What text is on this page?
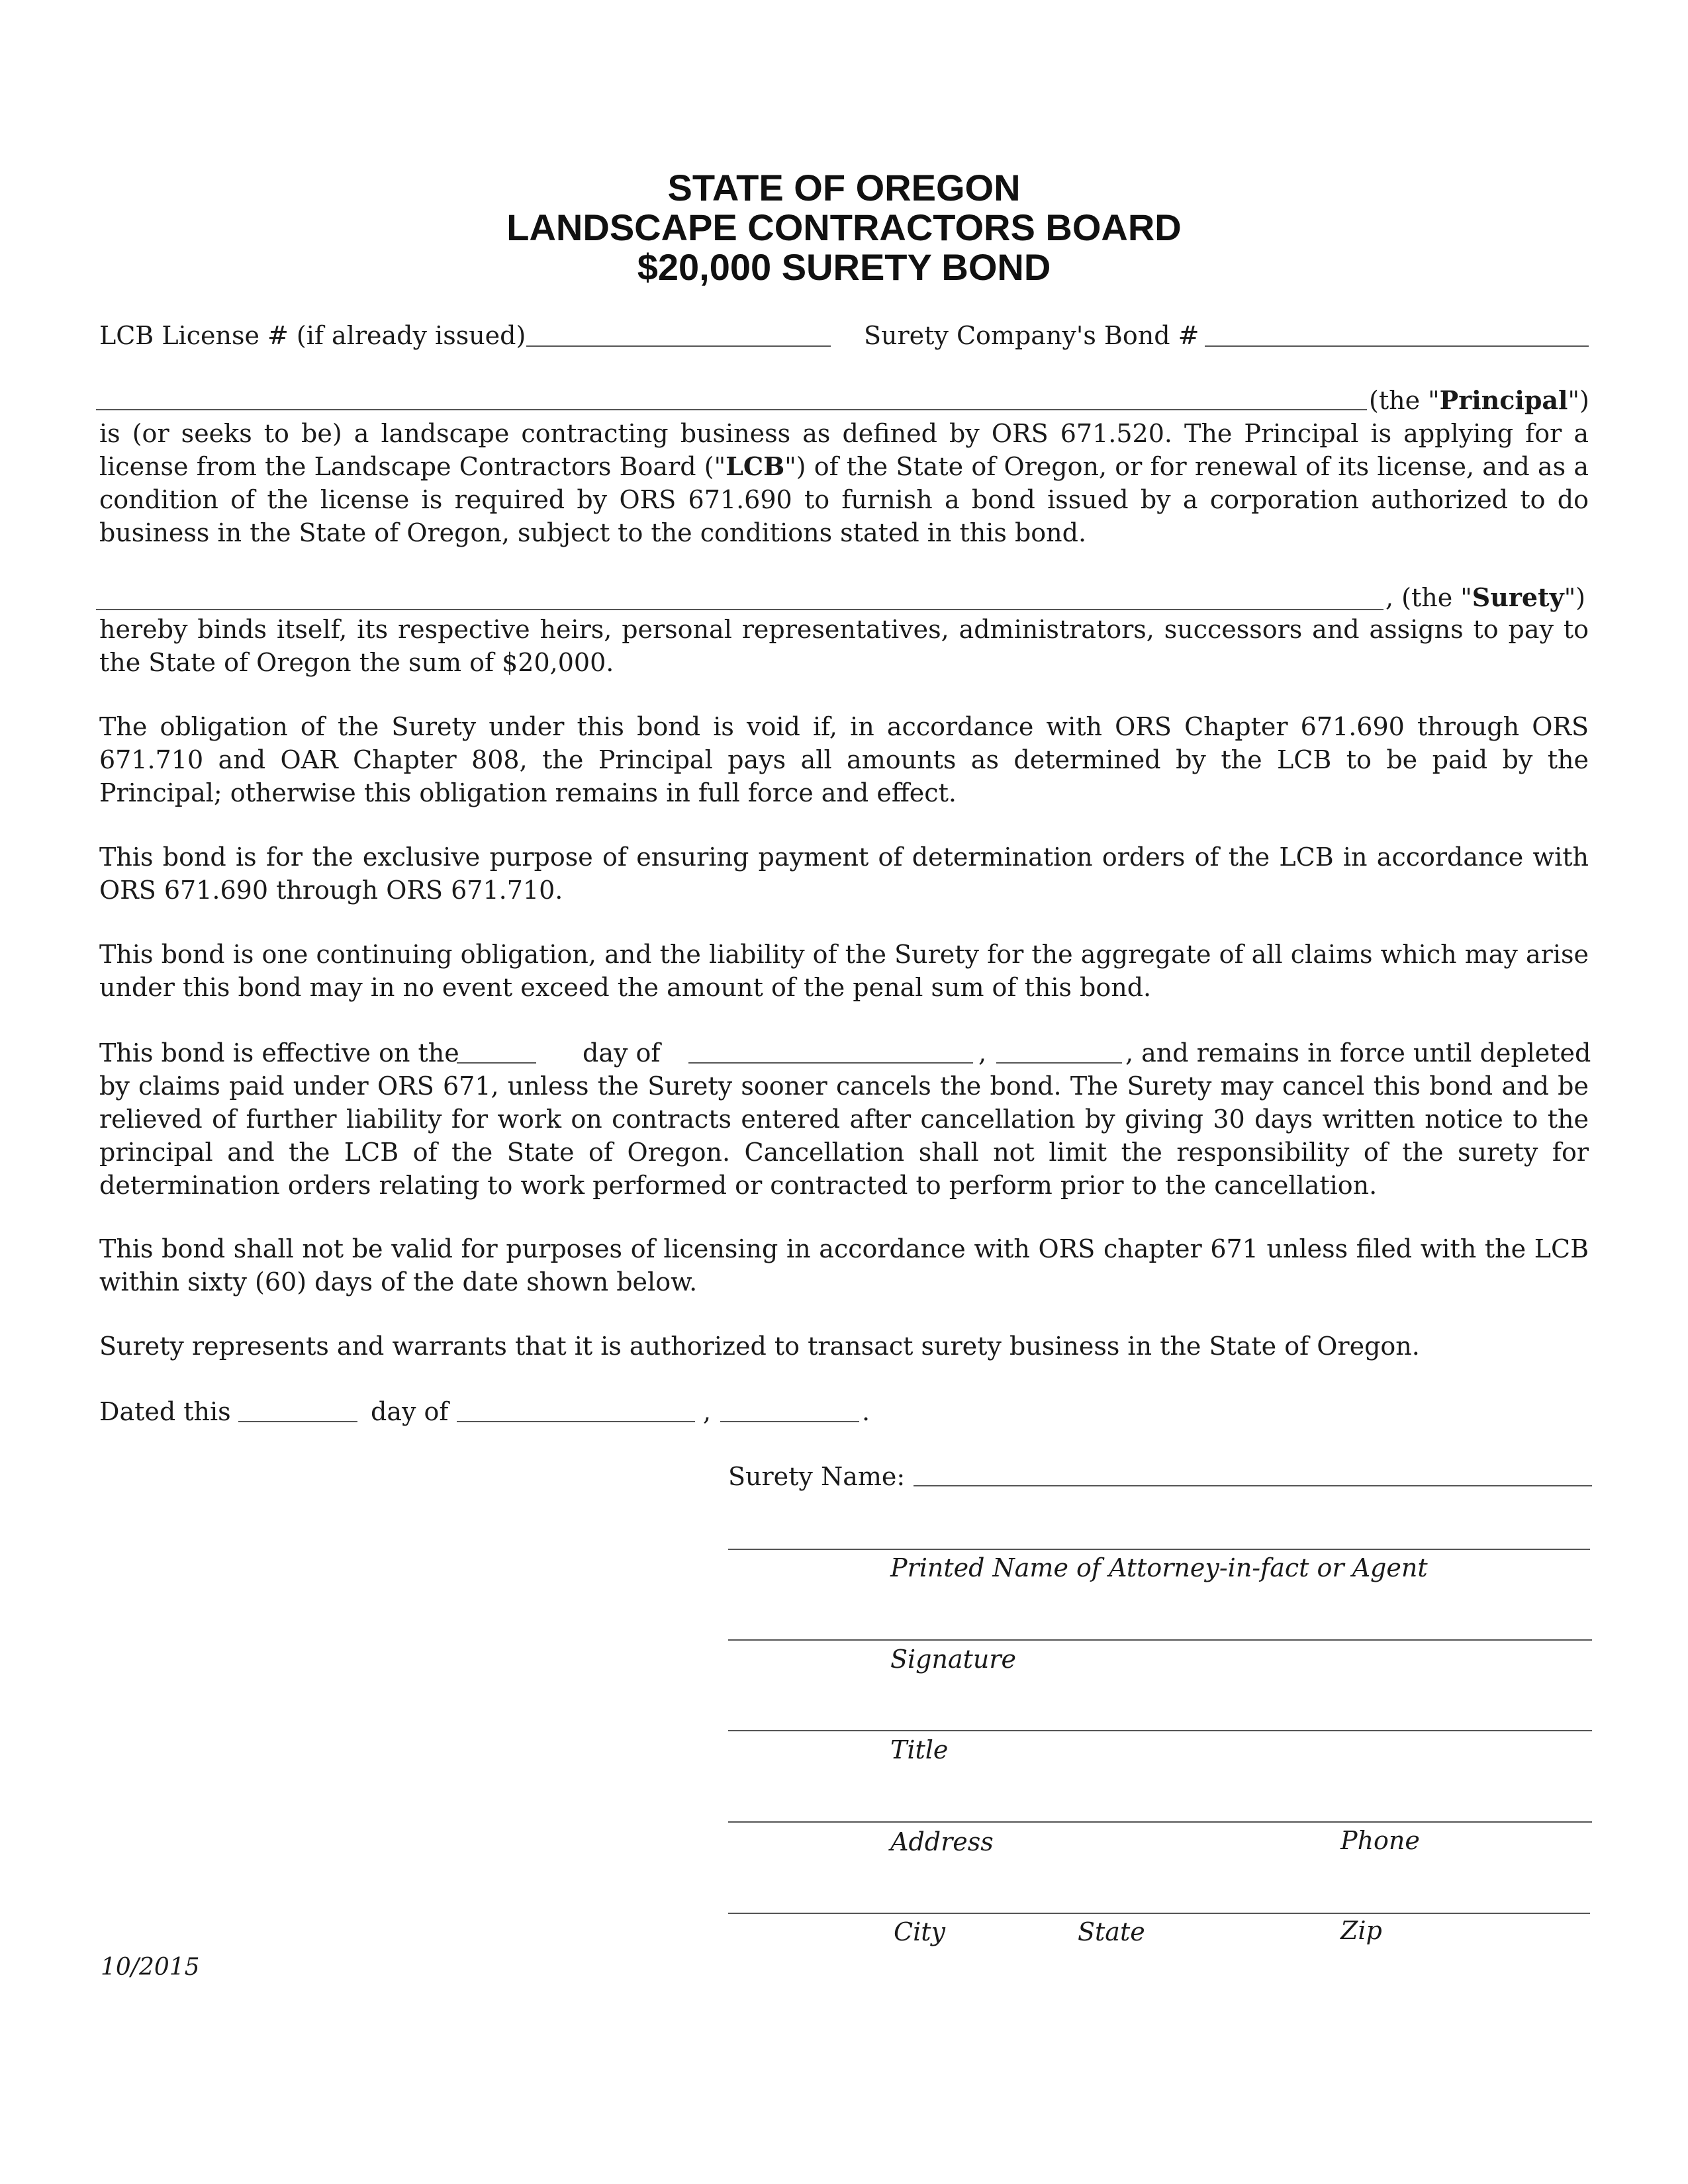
STATE OF OREGON
LANDSCAPE CONTRACTORS BOARD
$20,000 SURETY BOND
LCB License # (if already issued)	Surety Company's Bond #
(the "Principal")
is (or seeks to be) a landscape contracting business as defined by ORS 671.520. The Principal is applying for a license from the Landscape Contractors Board ("LCB") of the State of Oregon, or for renewal of its license, and as a condition of the license is required by ORS 671.690 to furnish a bond issued by a corporation authorized to do business in the State of Oregon, subject to the conditions stated in this bond.
, (the "Surety")
hereby binds itself, its respective heirs, personal representatives, administrators, successors and assigns to pay to the State of Oregon the sum of $20,000.
The obligation of the Surety under this bond is void if, in accordance with ORS Chapter 671.690 through ORS 671.710 and OAR Chapter 808, the Principal pays all amounts as determined by the LCB to be paid by the Principal; otherwise this obligation remains in full force and effect.
This bond is for the exclusive purpose of ensuring payment of determination orders of the LCB in accordance with ORS 671.690 through ORS 671.710.
This bond is one continuing obligation, and the liability of the Surety for the aggregate of all claims which may arise under this bond may in no event exceed the amount of the penal sum of this bond.
This bond is effective on the	day of	,	, and remains in force until depleted
by claims paid under ORS 671, unless the Surety sooner cancels the bond. The Surety may cancel this bond and be relieved of further liability for work on contracts entered after cancellation by giving 30 days written notice to the principal and the LCB of the State of Oregon. Cancellation shall not limit the responsibility of the surety for determination orders relating to work performed or contracted to perform prior to the cancellation.
This bond shall not be valid for purposes of licensing in accordance with ORS chapter 671 unless filed with the LCB within sixty (60) days of the date shown below.
Surety represents and warrants that it is authorized to transact surety business in the State of Oregon.
Dated this	day of	,	.
Surety Name:
Printed Name of Attorney-in-fact or Agent
Signature
Title
Address	Phone
City	State	Zip
10/2015
